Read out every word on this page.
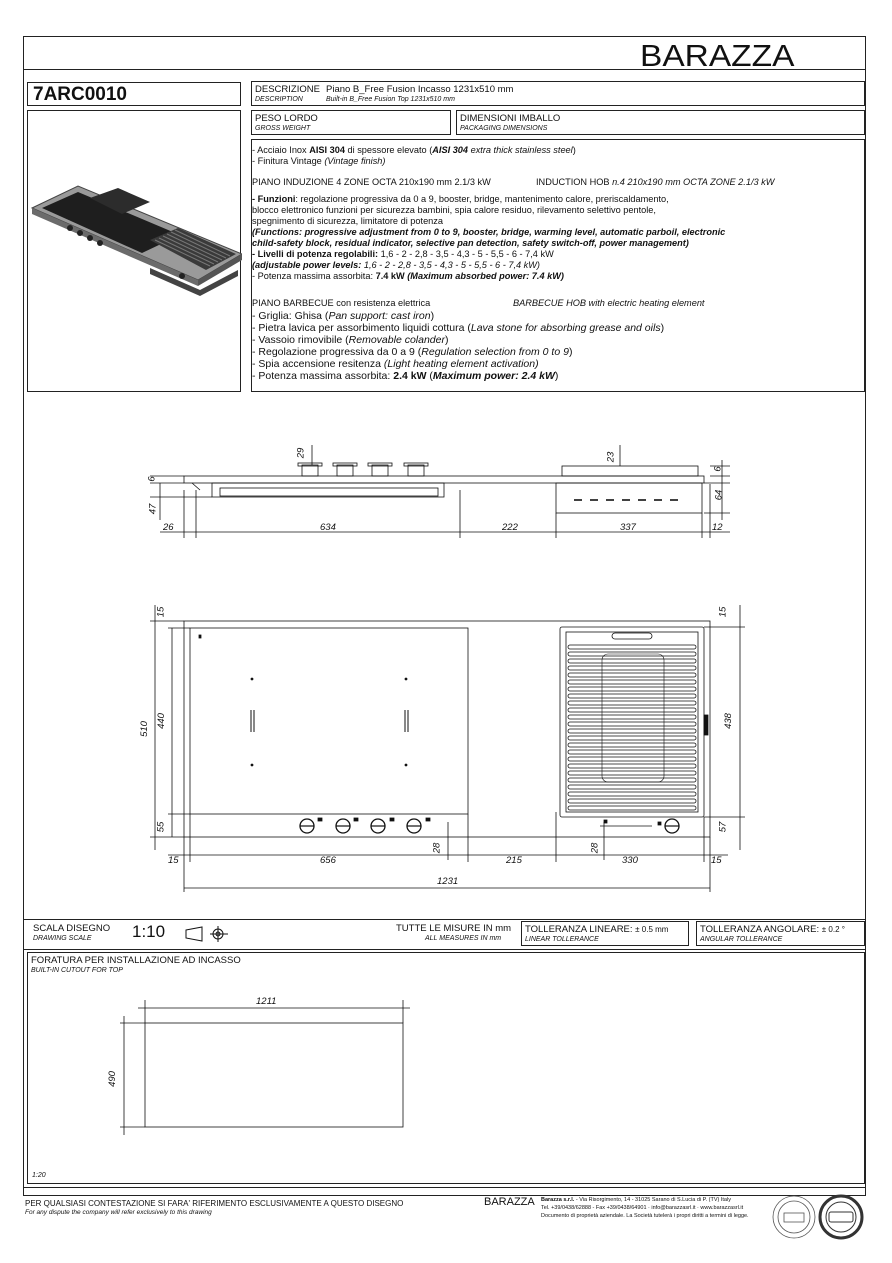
BARAZZA
7ARC0010	DESCRIZIONE Piano B_Free Fusion Incasso 1231x510 mm
DESCRIPTION	Built-in B_Free Fusion Top 1231x510 mm
PESO LORDO
GROSS WEIGHT
DIMENSIONI IMBALLO
PACKAGING DIMENSIONS
- Acciaio Inox AISI 304 di spessore elevato (AISI 304 extra thick stainless steel)
- Finitura Vintage (Vintage finish)
PIANO INDUZIONE 4 ZONE OCTA 210x190 mm 2.1/3 kW	INDUCTION HOB n.4 210x190 mm OCTA ZONE 2.1/3 kW
- Funzioni: regolazione progressiva da 0 a 9, booster, bridge, mantenimento calore, preriscaldamento,
blocco elettronico funzioni per sicurezza bambini, spia calore residuo, rilevamento selettivo pentole,
spegnimento di sicurezza, limitatore di potenza
(Functions: progressive adjustment from 0 to 9, booster, bridge, warming level, automatic parboil, electronic
child-safety block, residual indicator, selective pan detection, safety switch-off, power management)
- Livelli di potenza regolabili: 1,6 - 2 - 2,8 - 3,5 - 4,3 - 5 - 5,5 - 6 - 7,4 kW
(adjustable power levels: 1,6 - 2 - 2,8 - 3,5 - 4,3 - 5 - 5,5 - 6 - 7,4 kW)
- Potenza massima assorbita: 7.4 kW (Maximum absorbed power: 7.4 kW)
PIANO BARBECUE con resistenza elettrica	BARBECUE HOB with electric heating element
- Griglia: Ghisa (Pan support: cast iron)
- Pietra lavica per assorbimento liquidi cottura (Lava stone for absorbing grease and oils)
- Vassoio rimovibile (Removable colander)
- Regolazione progressiva da 0 a 9 (Regulation selection from 0 to 9)
- Spia accensione resitenza (Light heating element activation)
- Potenza massima assorbita: 2.4 kW (Maximum power: 2.4 kW)
29	23
6
6
64
47
26	634	222	337	12
15	15
510
440	438
55	57
28	28
15	656	215	330	15
1231
SCALA DISEGNO
DRAWING SCALE 1:10	TUTTE LE MISURE IN mm
ALL MEASURES IN mm
TOLLERANZA LINEARE: ± 0.5 mm
LINEAR TOLLERANCE
TOLLERANZA ANGOLARE: ± 0.2 °
ANGULAR TOLLERANCE
FORATURA PER INSTALLAZIONE AD INCASSO
BUILT-IN CUTOUT FOR TOP
1211
490
1:20
PER QUALSIASI CONTESTAZIONE SI FARA' RIFERIMENTO ESCLUSIVAMENTE A QUESTO DISEGNO
For any dispute the company will refer exclusively to this drawing
BARAZZA Barazza s.r.l. - Via Risorgimento, 14 - 31025 Sarano di S.Lucia di P. (TV) Italy
Tel. +39/0438/62888 - Fax +39/0438/64901 · info@barazzasrl.it · www.barazzasrl.it
Documento di proprietà aziendale. La Società tutelerà i propri diritti a termini di legge.
